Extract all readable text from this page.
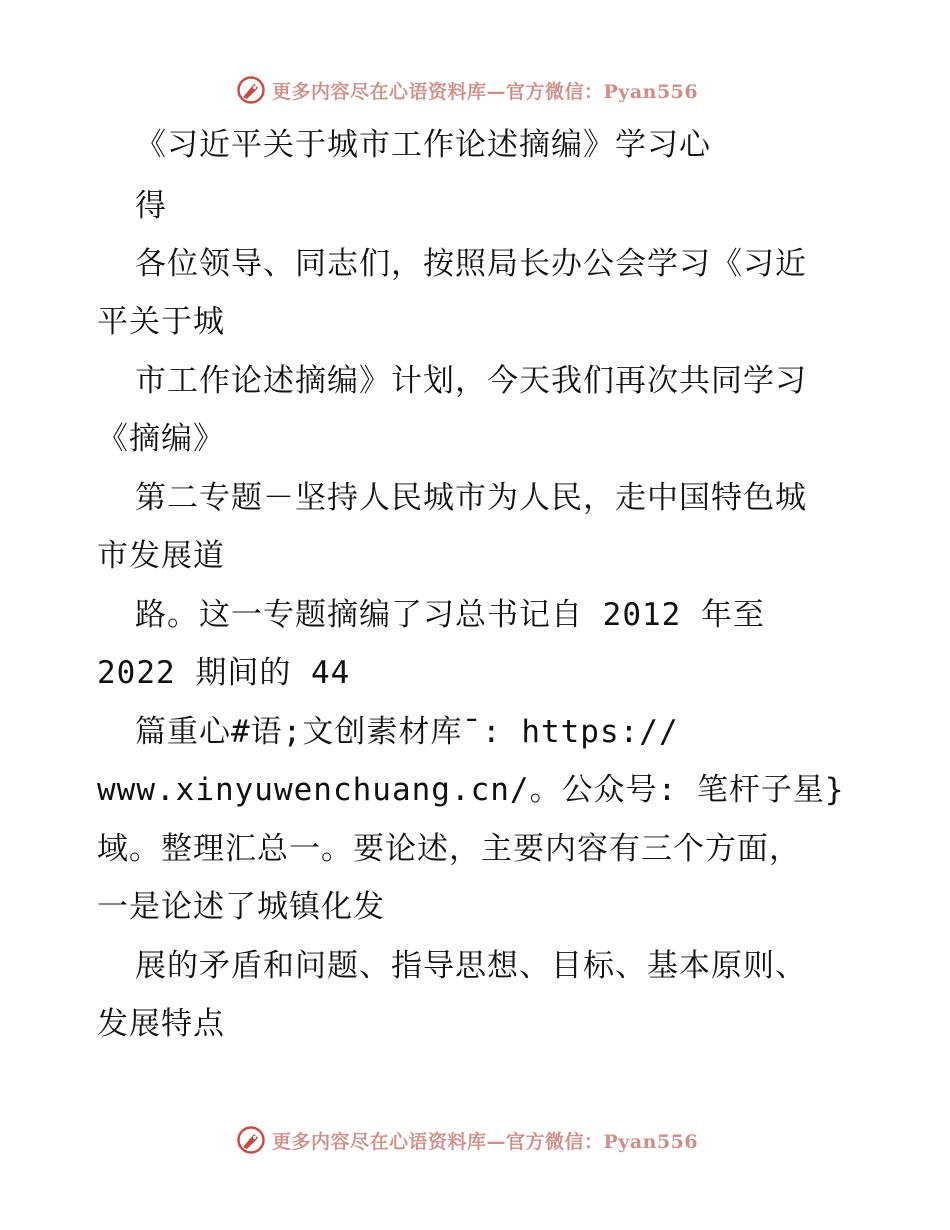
更多内容尽在心语资料库—官方微信：Pyan556
《习近平关于城市工作论述摘编》学习心
得
各位领导、同志们，按照局长办公会学习《习近
平关于城
市工作论述摘编》计划，今天我们再次共同学习
《摘编》
第二专题－坚持人民城市为人民，走中国特色城
市发展道
路。这一专题摘编了习总书记自 2012 年至
2022 期间的 44
篇重心#语;文创素材库¯: https://
www.xinyuwenchuang.cn/。公众号: 笔杆子星}
域。整理汇总一。要论述，主要内容有三个方面，
一是论述了城镇化发
展的矛盾和问题、指导思想、目标、基本原则、
发展特点
更多内容尽在心语资料库—官方微信：Pyan556
